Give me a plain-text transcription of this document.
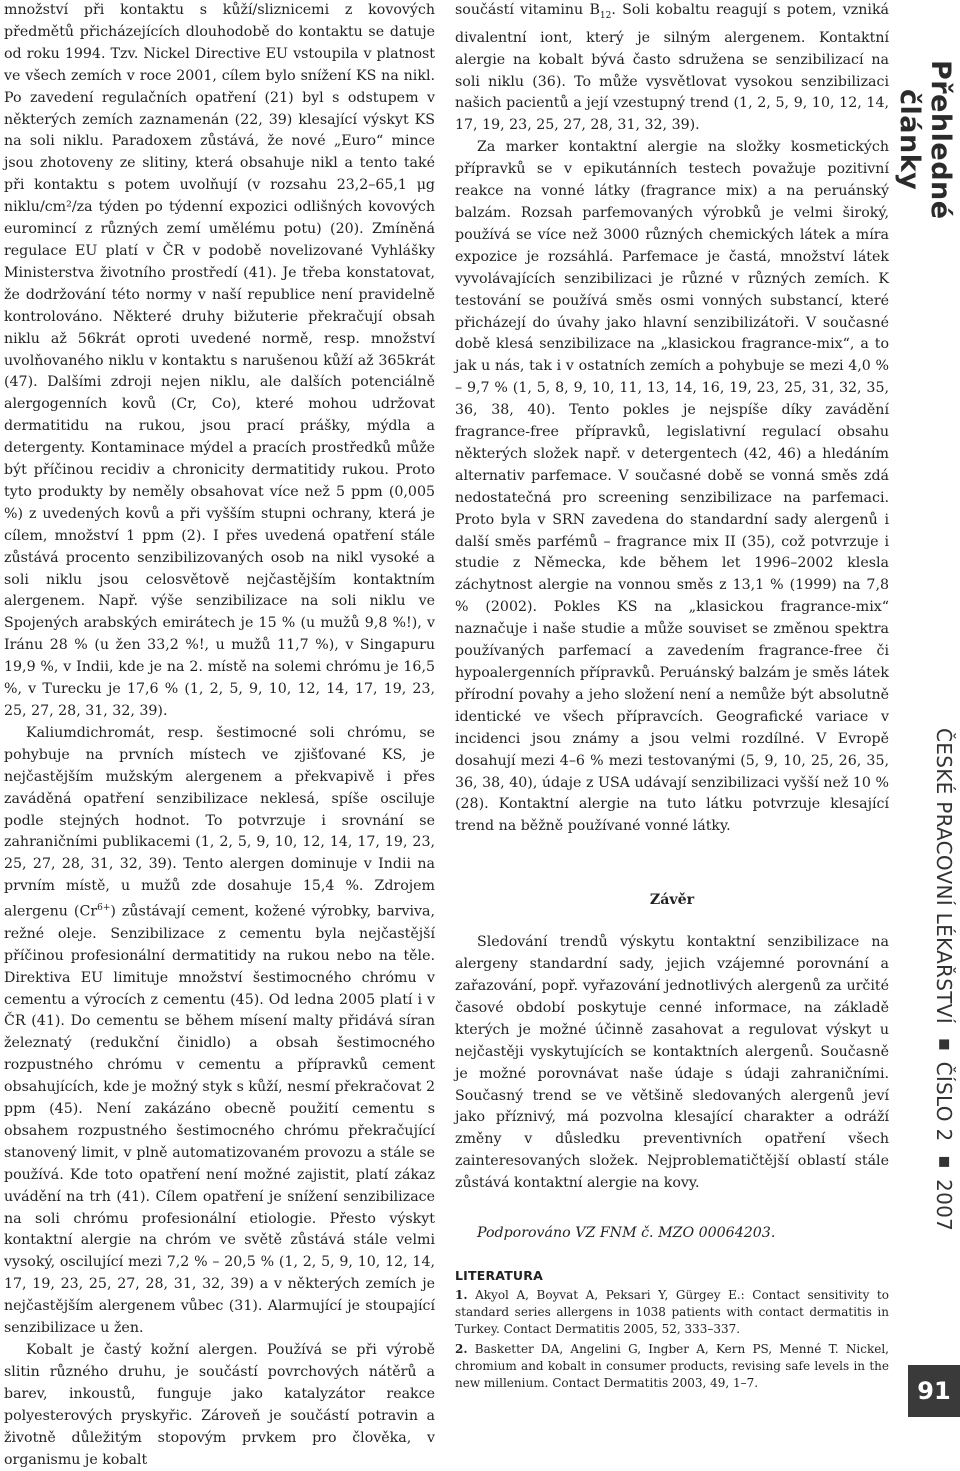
množství při kontaktu s kůží/sliznicemi z kovových předmětů přicházejících dlouhodobě do kontaktu se datuje od roku 1994. Tzv. Nickel Directive EU vstoupila v platnost ve všech zemích v roce 2001, cílem bylo snížení KS na nikl. Po zavedení regulačních opatření (21) byl s odstupem v některých zemích zaznamenán (22, 39) klesající výskyt KS na soli niklu. Paradoxem zůstává, že nové „Euro“ mince jsou zhotoveny ze slitiny, která obsahuje nikl a tento také při kontaktu s potem uvolňují (v rozsahu 23,2–65,1 μg niklu/cm²/za týden po týdenní expozici odlišných kovových euromincí z různých zemí umělému potu) (20). Zmíněná regulace EU platí v ČR v podobě novelizované Vyhlášky Ministerstva životního prostředí (41). Je třeba konstatovat, že dodržování této normy v naší republice není pravidelně kontrolováno. Některé druhy bižuterie překračují obsah niklu až 56krát oproti uvedené normě, resp. množství uvolňovaného niklu v kontaktu s narušenou kůží až 365krát (47). Dalšími zdroji nejen niklu, ale dalších potenciálně alergogenních kovů (Cr, Co), které mohou udržovat dermatitidu na rukou, jsou prací prášky, mýdla a detergenty. Kontaminace mýdel a pracích prostředků může být příčinou recidiv a chronicity dermatitidy rukou. Proto tyto produkty by neměly obsahovat více než 5 ppm (0,005 %) z uvedených kovů a při vyšším stupni ochrany, která je cílem, množství 1 ppm (2). I přes uvedená opatření stále zůstává procento senzibilizovaných osob na nikl vysoké a soli niklu jsou celosvětově nejčastějším kontaktním alergenem. Např. výše senzibilizace na soli niklu ve Spojených arabských emirátech je 15 % (u mužů 9,8 %!), v Iránu 28 % (u žen 33,2 %!, u mužů 11,7 %), v Singapuru 19,9 %, v Indii, kde je na 2. místě na solemi chrómu je 16,5 %, v Turecku je 17,6 % (1, 2, 5, 9, 10, 12, 14, 17, 19, 23, 25, 27, 28, 31, 32, 39).

Kaliumdichromát, resp. šestimocné soli chrómu, se pohybuje na prvních místech ve zjišťované KS, je nejčastějším mužským alergenem a překvapivě i přes zaváděná opatření senzibilizace neklesá, spíše osciluje podle stejných hodnot. To potvrzuje i srovnání se zahraničními publikacemi (1, 2, 5, 9, 10, 12, 14, 17, 19, 23, 25, 27, 28, 31, 32, 39). Tento alergen dominuje v Indii na prvním místě, u mužů zde dosahuje 15,4 %. Zdrojem alergenu $(Cr^{6+})$ zůstávají cement, kožené výrobky, barviva, režné oleje. Senzibilizace z cementu byla nejčastější příčinou profesionální dermatitidy na rukou nebo na těle. Direktiva EU limituje množství šestimocného chrómu v cementu a výrocích z cementu (45). Od ledna 2005 platí i v ČR (41). Do cementu se během mísení malty přidává síran železnatý (redukční činidlo) a obsah šestimocného rozpustného chrómu v cementu a přípravků cement obsahujících, kde je možný styk s kůží, nesmí překračovat 2 ppm (45). Není zakázáno obecně použití cementu s obsahem rozpustného šestimocného chrómu překračující stanovený limit, v plně automatizovaném provozu a stále se používá. Kde toto opatření není možné zajistit, platí zákaz uvádění na trh (41). Cílem opatření je snížení senzibilizace na soli chrómu profesionální etiologie. Přesto výskyt kontaktní alergie na chróm ve světě zůstává stále velmi vysoký, oscilující mezi 7,2 % – 20,5 % (1, 2, 5, 9, 10, 12, 14, 17, 19, 23, 25, 27, 28, 31, 32, 39) a v některých zemích je nejčastějším alergenem vůbec (31). Alarmující je stoupající senzibilizace u žen.

Kobalt je častý kožní alergen. Používá se při výrobě slitin různého druhu, je součástí povrchových nátěrů a barev, inkoustů, funguje jako katalyzátor reakce polyesterových pryskyřic. Zároveň je součástí potravin a životně důležitým stopovým prvkem pro člověka, v organismu je kobalt

součástí vitaminu $B_{12}$. Soli kobaltu reagují s potem, vzniká divalentní iont, který je silným alergenem. Kontaktní alergie na kobalt bývá často sdružena se senzibilizací na soli niklu (36). To může vysvětlovat vysokou senzibilizaci našich pacientů a její vzestupný trend (1, 2, 5, 9, 10, 12, 14, 17, 19, 23, 25, 27, 28, 31, 32, 39).

Za marker kontaktní alergie na složky kosmetických přípravků se v epikutánních testech považuje pozitivní reakce na vonné látky (fragrance mix) a na peruánský balzám. Rozsah parfemovaných výrobků je velmi široký, používá se více než 3000 různých chemických látek a míra expozice je rozsáhlá. Parfemace je častá, množství látek vyvolávajících senzibilizaci je různé v různých zemích. K testování se používá směs osmi vonných substancí, které přicházejí do úvahy jako hlavní senzibilizátoři. V současné době klesá senzibilizace na „klasickou fragrance-mix“, a to jak u nás, tak i v ostatních zemích a pohybuje se mezi 4,0 % – 9,7 % (1, 5, 8, 9, 10, 11, 13, 14, 16, 19, 23, 25, 31, 32, 35, 36, 38, 40). Tento pokles je nejspíše díky zavádění fragrance-free přípravků, legislativní regulací obsahu některých složek např. v detergentech (42, 46) a hledáním alternativ parfemace. V současné době se vonná směs zdá nedostatečná pro screening senzibilizace na parfemaci. Proto byla v SRN zavedena do standardní sady alergenů i další směs parfémů – fragrance mix II (35), což potvrzuje i studie z Německa, kde během let 1996–2002 klesla záchytnost alergie na vonnou směs z 13,1 % (1999) na 7,8 % (2002). Pokles KS na „klasickou fragrance-mix“ naznačuje i naše studie a může souviset se změnou spektra používaných parfemací a zavedením fragrance-free či hypoalergenních přípravků. Peruánský balzám je směs látek přírodní povahy a jeho složení není a nemůže být absolutně identické ve všech přípravcích. Geografické variace v incidenci jsou známy a jsou velmi rozdílné. V Evropě dosahují mezi 4–6 % mezi testovanými (5, 9, 10, 25, 26, 35, 36, 38, 40), údaje z USA udávají senzibilizaci vyšší než 10 % (28). Kontaktní alergie na tuto látku potvrzuje klesající trend na běžně používané vonné látky.

Závěr

Sledování trendů výskytu kontaktní senzibilizace na alergeny standardní sady, jejich vzájemné porovnání a zařazování, popř. vyřazování jednotlivých alergenů za určité časové období poskytuje cenné informace, na základě kterých je možné účinně zasahovat a regulovat výskyt u nejčastěji vyskytujících se kontaktních alergenů. Současně je možné porovnávat naše údaje s údaji zahraničními. Současný trend se ve většině sledovaných alergenů jeví jako příznivý, má pozvolna klesající charakter a odráží změny v důsledku preventivních opatření všech zainteresovaných složek. Nejproblematičtější oblastí stále zůstává kontaktní alergie na kovy.

Podporováno VZ FNM č. MZO 00064203.
LITERATURA
1. Akyol A, Boyvat A, Peksari Y, Gürgey E.: Contact sensitivity to standard series allergens in 1038 patients with contact dermatitis in Turkey. Contact Dermatitis 2005, 52, 333–337.
2. Basketter DA, Angelini G, Ingber A, Kern PS, Menné T. Nickel, chromium and kobalt in consumer products, revising safe levels in the new millenium. Contact Dermatitis 2003, 49, 1–7.
Přehledné články
ČESKÉ PRACOVNÍ LÉKAŘSTVÍ ▪ ČÍSLO 2 ▪ 2007
91
